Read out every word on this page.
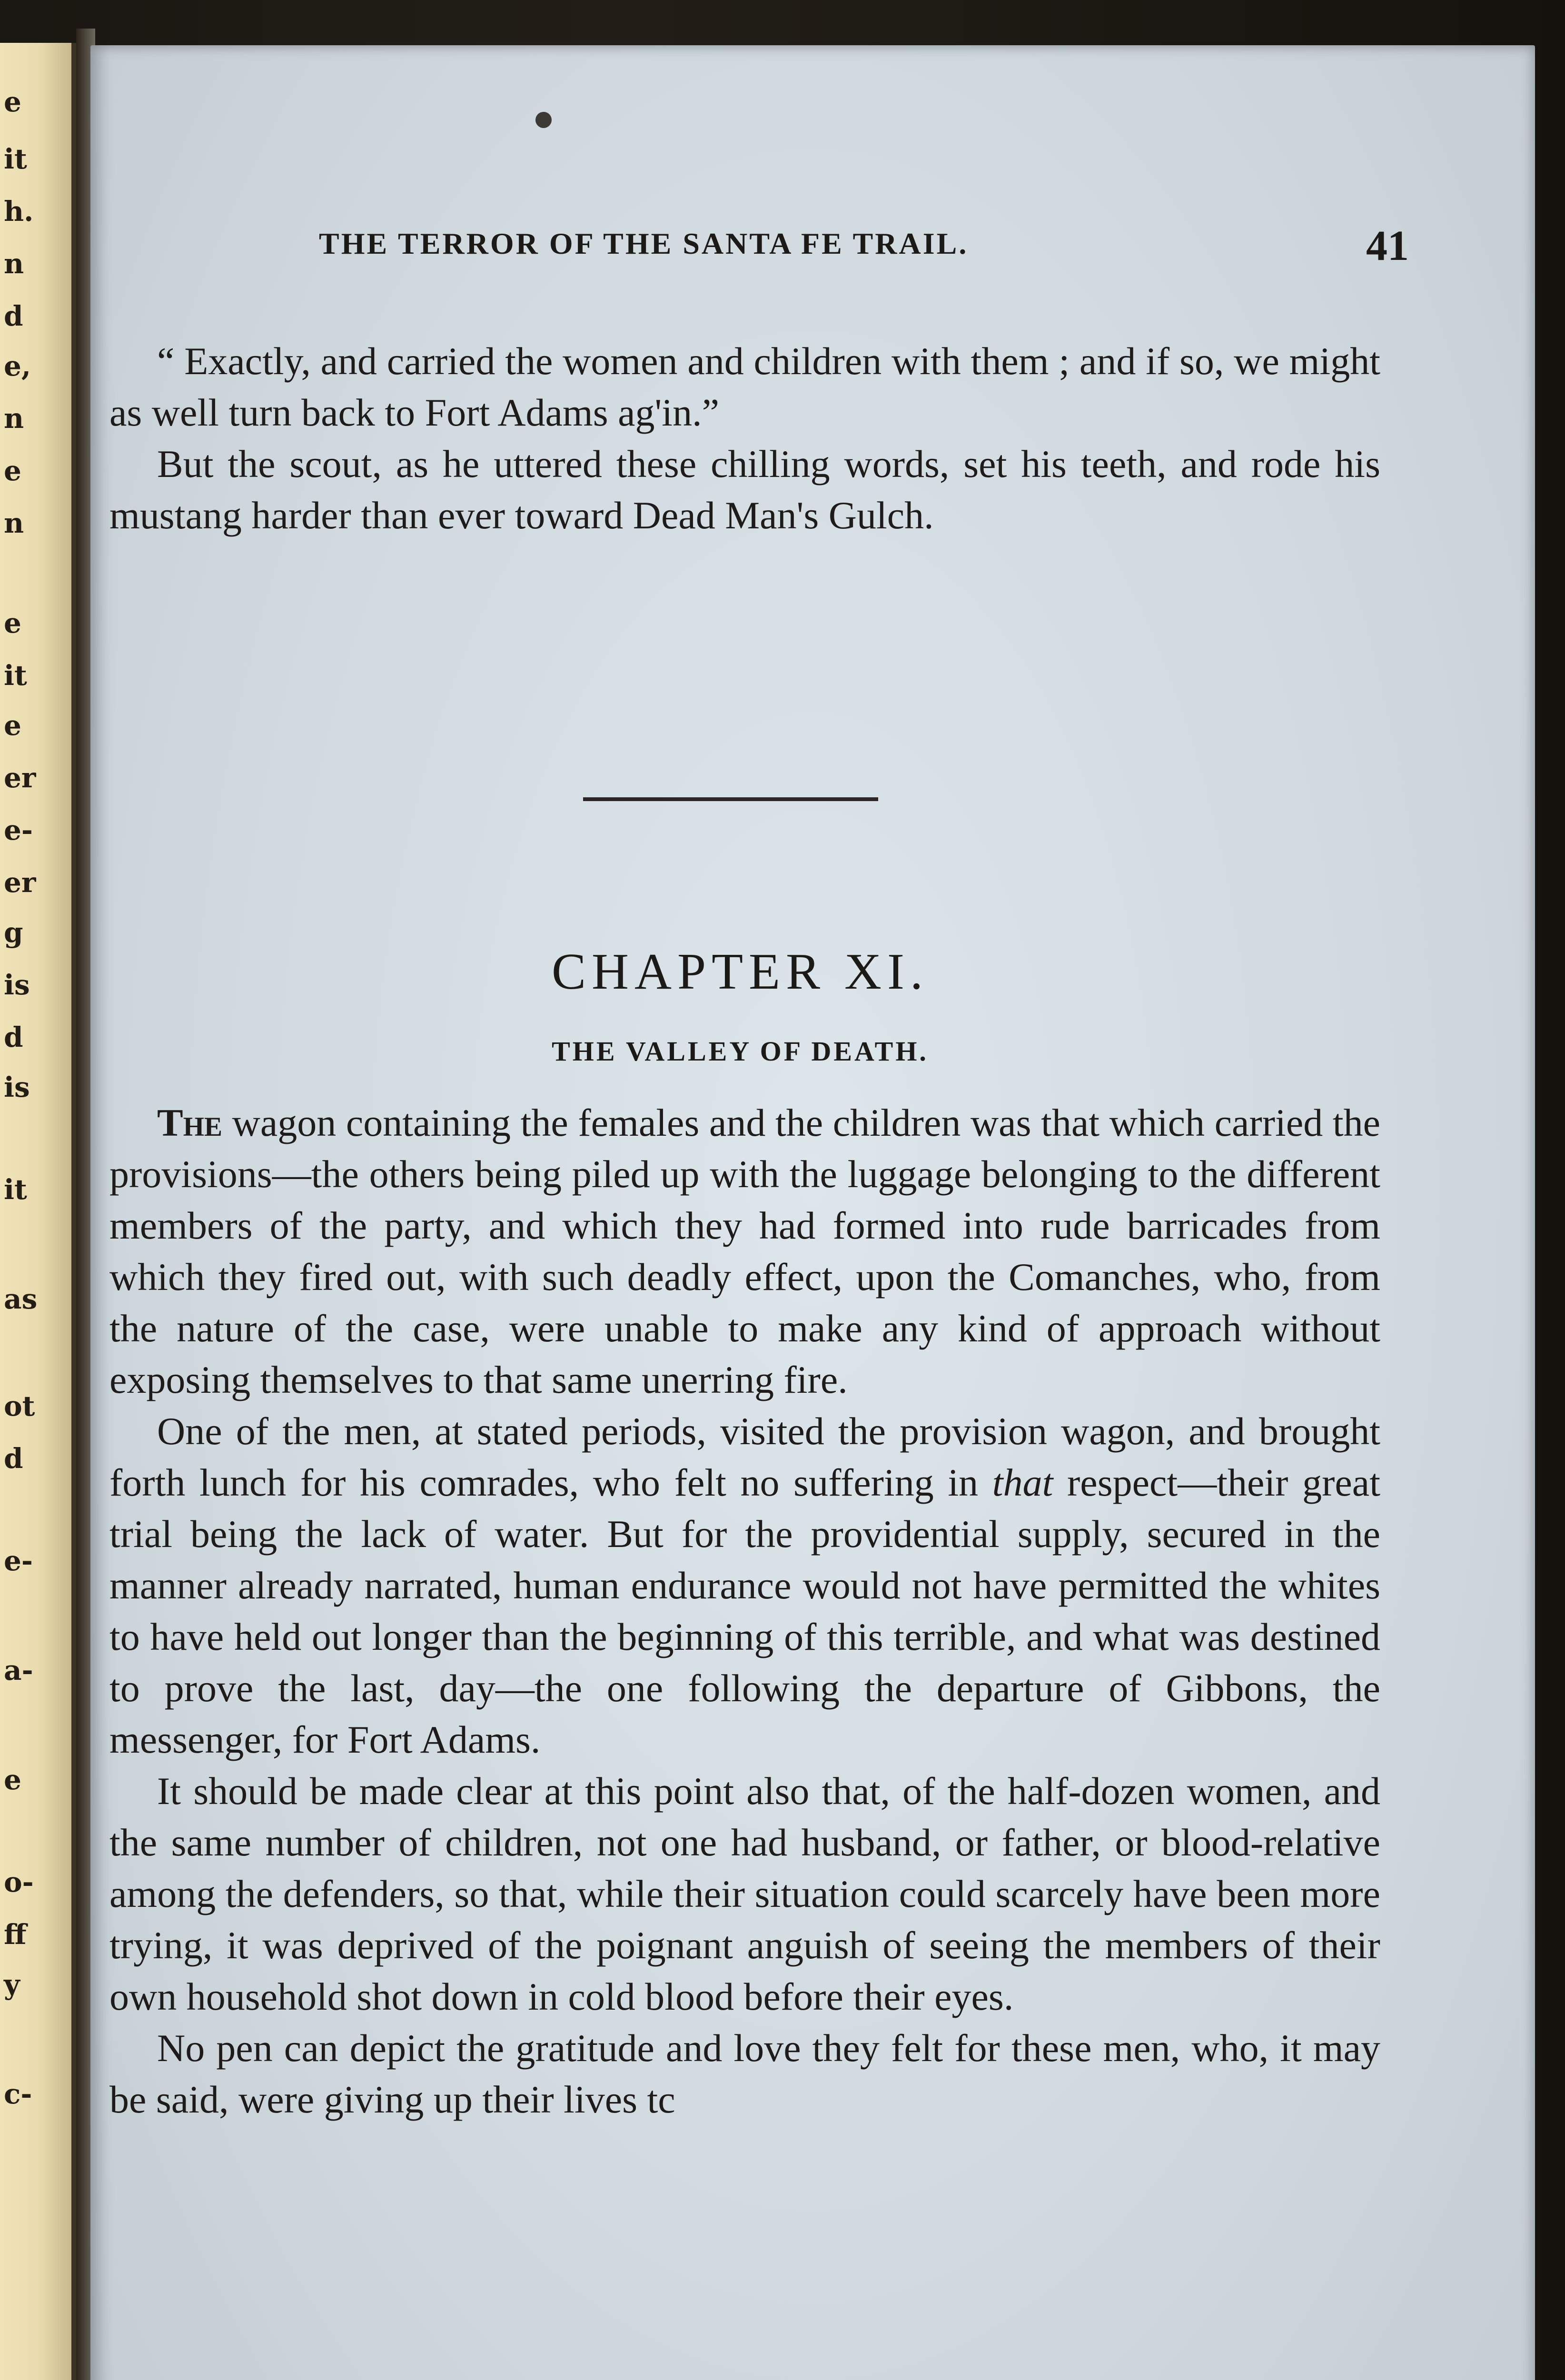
e
it
h.
n
d
e,
n
e
n
e
it
e
er
e-
er
g
is
d
is
it
as
ot
d
e-
a-
e
o-
ff
y
c-
THE TERROR OF THE SANTA FE TRAIL.	41

“ Exactly, and carried the women and children with them ; and if so, we might as well turn back to Fort Adams ag'in.”

But the scout, as he uttered these chilling words, set his teeth, and rode his mustang harder than ever toward Dead Man's Gulch.

CHAPTER XI.
THE VALLEY OF DEATH.

The wagon containing the females and the children was that which carried the provisions—the others being piled up with the luggage belonging to the different members of the party, and which they had formed into rude barricades from which they fired out, with such deadly effect, upon the Comanches, who, from the nature of the case, were unable to make any kind of approach without exposing themselves to that same unerring fire.

One of the men, at stated periods, visited the provision wagon, and brought forth lunch for his comrades, who felt no suffering in that respect—their great trial being the lack of water. But for the providential supply, secured in the manner already narrated, human endurance would not have permitted the whites to have held out longer than the beginning of this terrible, and what was destined to prove the last, day—the one following the departure of Gibbons, the messenger, for Fort Adams.

It should be made clear at this point also that, of the half-dozen women, and the same number of children, not one had husband, or father, or blood-relative among the defenders, so that, while their situation could scarcely have been more trying, it was deprived of the poignant anguish of seeing the members of their own household shot down in cold blood before their eyes.

No pen can depict the gratitude and love they felt for these men, who, it may be said, were giving up their lives tc
